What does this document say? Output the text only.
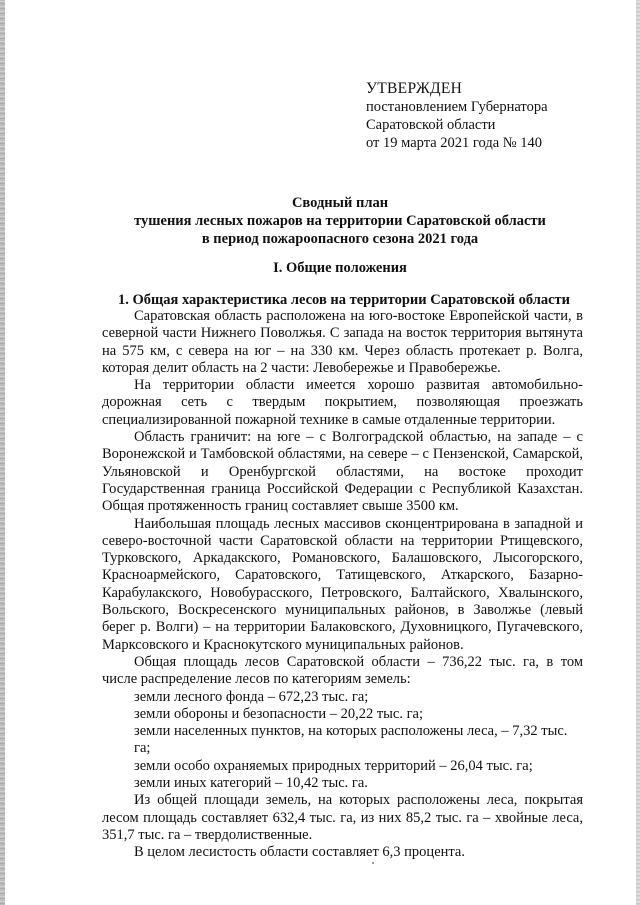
УТВЕРЖДЕН
постановлением Губернатора
Саратовской области
от 19 марта 2021 года № 140
Сводный план
тушения лесных пожаров на территории Саратовской области
в период пожароопасного сезона 2021 года
I. Общие положения
1. Общая характеристика лесов на территории Саратовской области

Саратовская область расположена на юго-востоке Европейской части, в северной части Нижнего Поволжья. С запада на восток территория вытянута на 575 км, с севера на юг – на 330 км. Через область протекает р. Волга, которая делит область на 2 части: Левобережье и Правобережье.

На территории области имеется хорошо развитая автомобильно-дорожная сеть с твердым покрытием, позволяющая проезжать специализированной пожарной технике в самые отдаленные территории.

Область граничит: на юге – с Волгоградской областью, на западе – с Воронежской и Тамбовской областями, на севере – с Пензенской, Самарской, Ульяновской и Оренбургской областями, на востоке проходит Государственная граница Российской Федерации с Республикой Казахстан. Общая протяженность границ составляет свыше 3500 км.

Наибольшая площадь лесных массивов сконцентрирована в западной и северо-восточной части Саратовской области на территории Ртищевского, Турковского, Аркадакского, Романовского, Балашовского, Лысогорского, Красноармейского, Саратовского, Татищевского, Аткарского, Базарно-Карабулакского, Новобурасского, Петровского, Балтайского, Хвалынского, Вольского, Воскресенского муниципальных районов, в Заволжье (левый берег р. Волги) – на территории Балаковского, Духовницкого, Пугачевского, Марксовского и Краснокутского муниципальных районов.

Общая площадь лесов Саратовской области – 736,22 тыс. га, в том числе распределение лесов по категориям земель:

земли лесного фонда – 672,23 тыс. га;

земли обороны и безопасности – 20,22 тыс. га;

земли населенных пунктов, на которых расположены леса, – 7,32 тыс. га;

земли особо охраняемых природных территорий – 26,04 тыс. га;

земли иных категорий – 10,42 тыс. га.

Из общей площади земель, на которых расположены леса, покрытая лесом площадь составляет 632,4 тыс. га, из них 85,2 тыс. га – хвойные леса, 351,7 тыс. га – твердолиственные.

В целом лесистость области составляет 6,3 процента.
